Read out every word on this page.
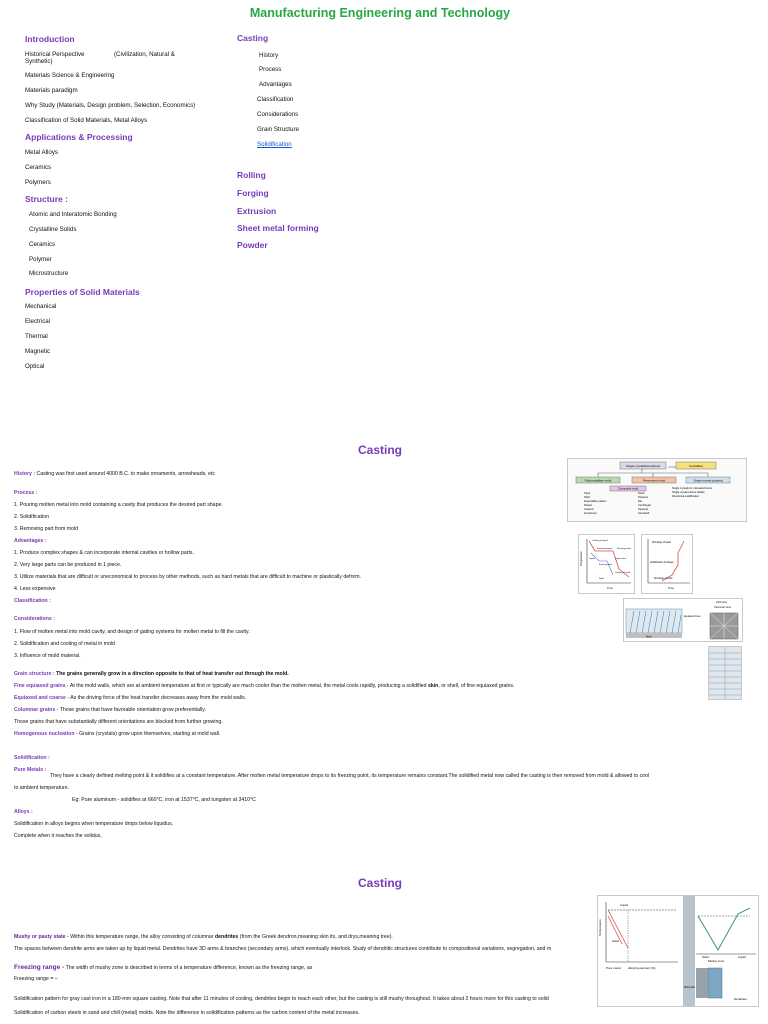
Manufacturing Engineering and Technology
Introduction
Historical Perspective	(Civilization, Natural &
Synthetic)
Materials Science & Engineering
Materials paradigm
Why Study (Materials, Design problem, Selection, Economics)
Classification of Solid Materials, Metal Alloys
Applications & Processing
Metal Alloys
Ceramics
Polymers
Structure :
Atomic and Interatomic Bonding
Crystalline Solids
Ceramics
Polymer
Microstructure
Properties of Solid Materials
Mechanical
Electrical
Thermal
Magnetic
Optical
Casting
History
Process
Advantages
Classification
Considerations
Grain Structure
Solidification
Rolling
Forging
Extrusion
Sheet metal forming
Powder
Casting
History : Casting was first used around 4000 B.C. to make ornaments, arrowheads, etc
Process :
1. Pouring molten metal into mold containing a cavity that produces the desired part shape.
2. Solidification
3. Removing part from mold
Advantages :
1. Produce complex shapes & can incorporate internal cavities or hollow parts.
2. Very large parts can be produced in 1 piece.
3. Utilize materials that are difficult or uneconomical to process by other methods, such as hard metals that are difficult to machine or plastically deform.
4. Less expensive
Classification :
Considerations :
1. Flow of molten metal into mold cavity, and design of gating systems for molten metal to fill the cavity.
2. Solidification and cooling of metal in mold
3. Influence of mold material.
Grain structure : The grains generally grow in a direction opposite to that of heat transfer out through the mold.
Fine equiaxed grains - At the mold walls, which are at ambient temperature at first or typically are much cooler than the molten metal, the metal cools rapidly, producing a solidified skin, or shell, of fine equiaxed grains.
Equiaxed and coarse - As the driving force of the heat transfer decreases away from the mold walls.
Columnar grains - Those grains that have favorable orientation grow preferentially.
Those grains that have substantially different orientations are blocked from further growing.
Homogenous nucleation - Grains (crystals) grow upon themselves, starting at mold wall.
Solidification :
Pure Metals :
They have a clearly defined melting point & it solidifies at a constant temperature. After molten metal temperature drops to its freezing point, its temperature remains constant.The solidified metal now called the casting is then removed from mold & allowed to cool
to ambient temperature.
Eg: Pure aluminum - solidifies at 660°C, iron at 1537°C, and tungsten at 3410°C
Alloys :
Solidification in alloys begins when temperature drops below liquidus,
Complete when it reaches the solidus,
Single-crystal/Amorphous	Crystalline
Polycrystalline mold	Permanent mold	Single-crystal growing
Composite mold
Sand
Shell
Expendable pattern
Plaster
Ceramic
Investment
Slush
Pressure
Die
Centrifugal
Squeeze
Semisolid
Single crystals for microelectronics
Single-crystal turbine blades
Directional solidification
Temperature
Time
Cooling of liquid
Freezing begins	Freezing ends
Cooling of solid
Liquid
Solid
Freezing time
Latent heat
Shrinkage of liquid
Solidification shrinkage
Shrinkage of solid
Time
Mold
Chill zone
Columnar zone
Equiaxed zone
Casting
Mushy or pasty state - Within this temperature range, the alloy consisting of columnar dendrites (from the Greek dendron,meaning skin its, and drys,meaning tree).
The spaces between dendrite arms are taken up by liquid metal. Dendrites have 3D arms & branches (secondary arms), which eventually interlock. Study of dendritic structures contribute to compositional variations, segregation, and m
Freezing range - The width of mushy zone is described in terms of a temperature difference, known as the freezing range, as
Freezing range = –
Solidification pattern for gray cast iron in a 180-mm square casting. Note that after 11 minutes of cooling, dendrites begin to reach each other, but the casting is still mushy throughout. It takes about 2 hours more for this casting to solid
Solidification of carbon steels in sand and chill (metal) molds. Note the difference in solidification patterns as the carbon content of the metal increases.
Liquid
Solid
Pure metal Alloying element (%)
Mushy zone
Temperature
Mold wall
Solid
Dendrites
Liquid
